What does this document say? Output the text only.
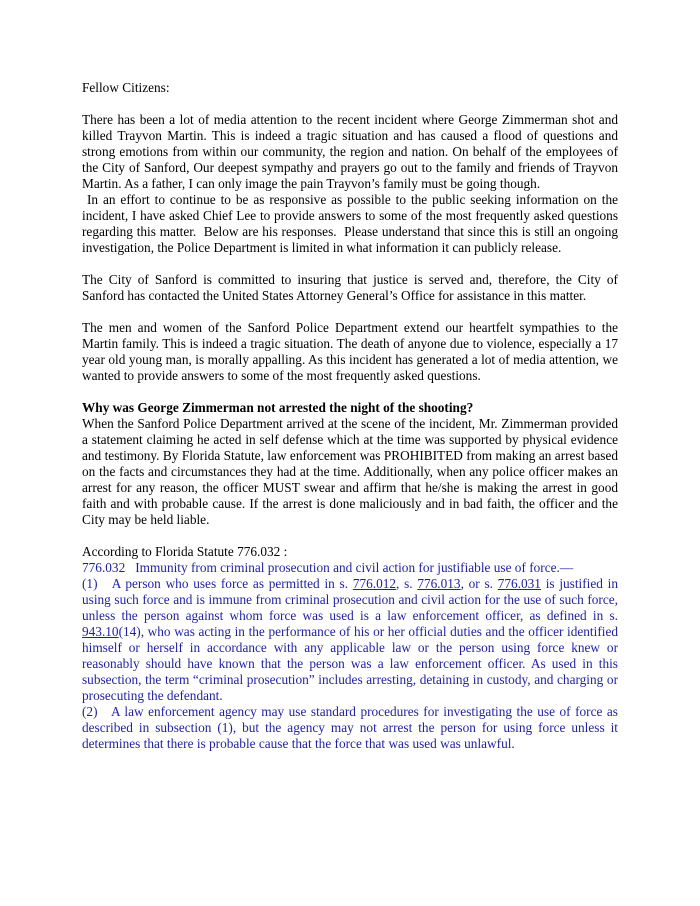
Fellow Citizens:

There has been a lot of media attention to the recent incident where George Zimmerman shot and killed Trayvon Martin. This is indeed a tragic situation and has caused a flood of questions and strong emotions from within our community, the region and nation. On behalf of the employees of the City of Sanford, Our deepest sympathy and prayers go out to the family and friends of Trayvon Martin. As a father, I can only image the pain Trayvon’s family must be going though.

In an effort to continue to be as responsive as possible to the public seeking information on the incident, I have asked Chief Lee to provide answers to some of the most frequently asked questions regarding this matter.  Below are his responses.  Please understand that since this is still an ongoing investigation, the Police Department is limited in what information it can publicly release.

The City of Sanford is committed to insuring that justice is served and, therefore, the City of Sanford has contacted the United States Attorney General’s Office for assistance in this matter.

The men and women of the Sanford Police Department extend our heartfelt sympathies to the Martin family. This is indeed a tragic situation. The death of anyone due to violence, especially a 17 year old young man, is morally appalling. As this incident has generated a lot of media attention, we wanted to provide answers to some of the most frequently asked questions.

Why was George Zimmerman not arrested the night of the shooting?

When the Sanford Police Department arrived at the scene of the incident, Mr. Zimmerman provided a statement claiming he acted in self defense which at the time was supported by physical evidence and testimony. By Florida Statute, law enforcement was PROHIBITED from making an arrest based on the facts and circumstances they had at the time. Additionally, when any police officer makes an arrest for any reason, the officer MUST swear and affirm that he/she is making the arrest in good faith and with probable cause. If the arrest is done maliciously and in bad faith, the officer and the City may be held liable.

According to Florida Statute 776.032 :

776.032   Immunity from criminal prosecution and civil action for justifiable use of force.—

(1)   A person who uses force as permitted in s. 776.012, s. 776.013, or s. 776.031 is justified in using such force and is immune from criminal prosecution and civil action for the use of such force, unless the person against whom force was used is a law enforcement officer, as defined in s. 943.10(14), who was acting in the performance of his or her official duties and the officer identified himself or herself in accordance with any applicable law or the person using force knew or reasonably should have known that the person was a law enforcement officer. As used in this subsection, the term “criminal prosecution” includes arresting, detaining in custody, and charging or prosecuting the defendant.

(2)   A law enforcement agency may use standard procedures for investigating the use of force as described in subsection (1), but the agency may not arrest the person for using force unless it determines that there is probable cause that the force that was used was unlawful.
